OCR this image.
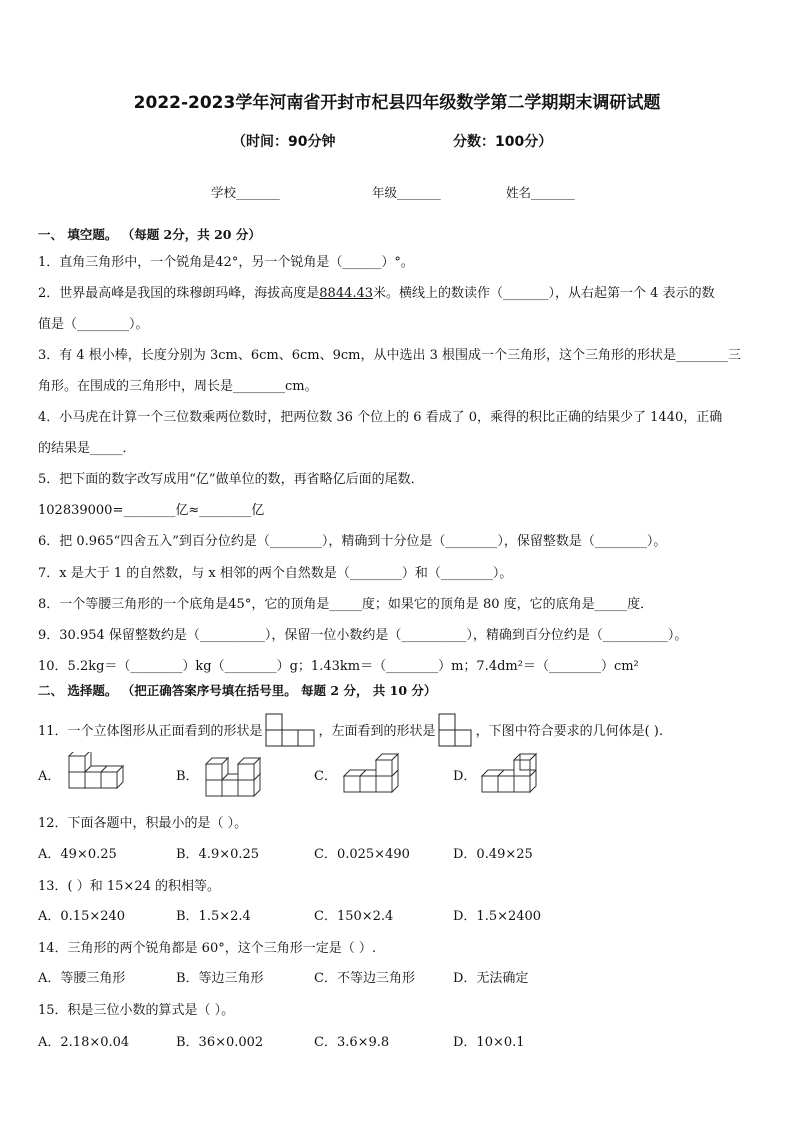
2022-2023学年河南省开封市杞县四年级数学第二学期期末调研试题
（时间：90分钟	分数：100分）
学校_______	年级_______	姓名_______
一、 填空题。 （每题 2分，共 20 分）
1．直角三角形中，一个锐角是42°，另一个锐角是（______）°。
2．世界最高峰是我国的珠穆朗玛峰，海拔高度是8844.43米。横线上的数读作（_______），从右起第一个 4 表示的数
值是（________）。
3．有 4 根小棒，长度分别为 3cm、6cm、6cm、9cm，从中选出 3 根围成一个三角形，这个三角形的形状是________三
角形。在围成的三角形中，周长是________cm。
4．小马虎在计算一个三位数乘两位数时，把两位数 36 个位上的 6 看成了 0，乘得的积比正确的结果少了 1440，正确
的结果是_____．
5．把下面的数字改写成用“亿”做单位的数，再省略亿后面的尾数．
102839000=________亿≈________亿
6．把 0.965“四舍五入”到百分位约是（________），精确到十分位是（________），保留整数是（________）。
7．x 是大于 1 的自然数，与 x 相邻的两个自然数是（________）和（________）。
8．一个等腰三角形的一个底角是45°，它的顶角是_____度；如果它的顶角是 80 度，它的底角是_____度．
9．30.954 保留整数约是（__________），保留一位小数约是（__________），精确到百分位约是（__________）。
10．5.2kg＝（________）kg（________）g；1.43km＝（________）m；7.4dm²＝（________）cm²
二、 选择题。 （把正确答案序号填在括号里。 每题 2 分， 共 10 分）
11．一个立体图形从正面看到的形状是	，左面看到的形状是	，下图中符合要求的几何体是( ).
A．	B．	C．	D．
12．下面各题中，积最小的是（ ）。
A．49×0.25	B．4.9×0.25	C．0.025×490	D．0.49×25
13．( ）和 15×24 的积相等。
A．0.15×240	B．1.5×2.4	C．150×2.4	D．1.5×2400
14．三角形的两个锐角都是 60°，这个三角形一定是（ ）.
A．等腰三角形	B．等边三角形	C．不等边三角形	D．无法确定
15．积是三位小数的算式是（ ）。
A．2.18×0.04	B．36×0.002	C．3.6×9.8	D．10×0.1
